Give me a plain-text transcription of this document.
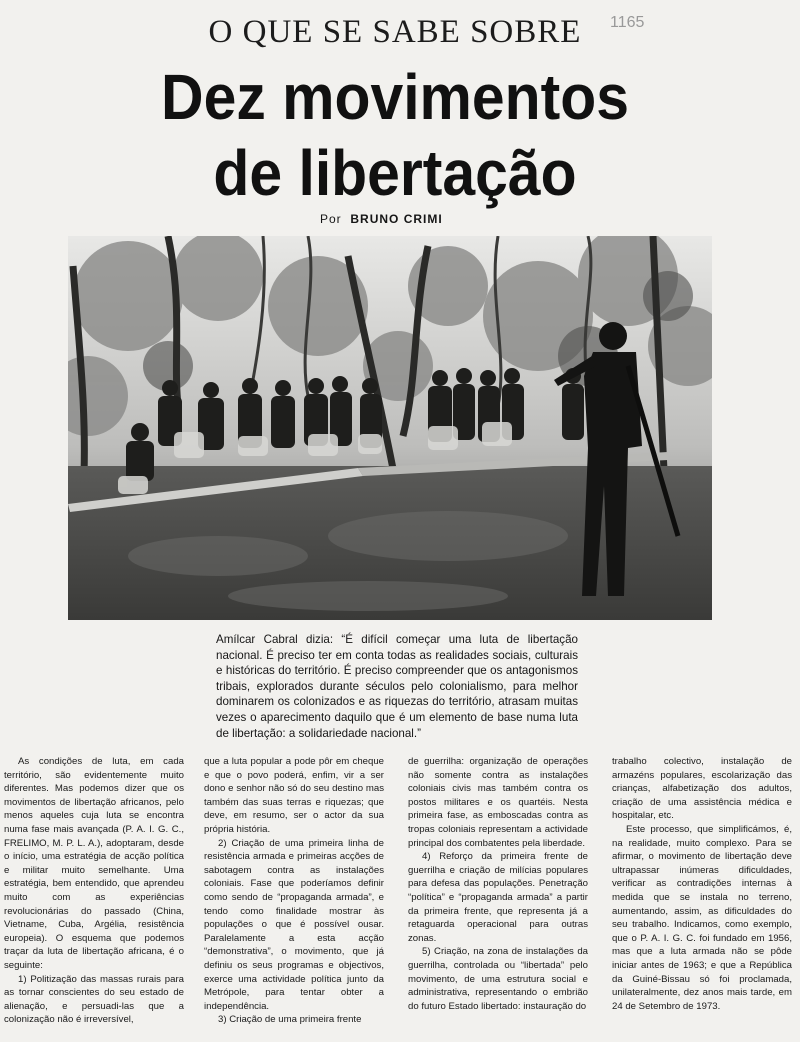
O QUE SE SABE SOBRE	1165
Dez movimentos
de libertação
Por BRUNO CRIMI

Amílcar Cabral dizia: “É difícil começar uma luta de libertação nacional. É preciso ter em conta todas as realidades sociais, culturais e históricas do território. É preciso compreender que os antagonismos tribais, explorados durante séculos pelo colonialismo, para melhor dominarem os colonizados e as riquezas do território, atrasam muitas vezes o aparecimento daquilo que é um elemento de base numa luta de libertação: a solidariedade nacional.”

As condições de luta, em cada território, são evidentemente muito diferentes. Mas podemos dizer que os movimentos de libertação africanos, pelo menos aqueles cuja luta se encontra numa fase mais avançada (P. A. I. G. C., FRELIMO, M. P. L. A.), adoptaram, desde o início, uma estratégia de acção política e militar muito semelhante. Uma estratégia, bem entendido, que aprendeu muito com as experiências revolucionárias do passado (China, Vietname, Cuba, Argélia, resistência europeia). O esquema que podemos traçar da luta de libertação africana, é o seguinte:

1) Politização das massas rurais para as tornar conscientes do seu estado de alienação, e persuadi-las que a colonização não é irreversível,

que a luta popular a pode pôr em cheque e que o povo poderá, enfim, vir a ser dono e senhor não só do seu destino mas também das suas terras e riquezas; que deve, em resumo, ser o actor da sua própria história.

2) Criação de uma primeira linha de resistência armada e primeiras acções de sabotagem contra as instalações coloniais. Fase que poderíamos definir como sendo de “propaganda armada”, e tendo como finalidade mostrar às populações o que é possível ousar. Paralelamente a esta acção “demonstrativa”, o movimento, que já definiu os seus programas e objectivos, exerce uma actividade política junto da Metrópole, para tentar obter a independência.

3) Criação de uma primeira frente

de guerrilha: organização de operações não somente contra as instalações coloniais civis mas também contra os postos militares e os quartéis. Nesta primeira fase, as emboscadas contra as tropas coloniais representam a actividade principal dos combatentes pela liberdade.

4) Reforço da primeira frente de guerrilha e criação de milícias populares para defesa das populações. Penetração “política” e “propaganda armada” a partir da primeira frente, que representa já a retaguarda operacional para outras zonas.

5) Criação, na zona de instalações da guerrilha, controlada ou “libertada” pelo movimento, de uma estrutura social e administrativa, representando o embrião do futuro Estado libertado: instauração do

trabalho colectivo, instalação de armazéns populares, escolarização das crianças, alfabetização dos adultos, criação de uma assistência médica e hospitalar, etc.

Este processo, que simplificámos, é, na realidade, muito complexo. Para se afirmar, o movimento de libertação deve ultrapassar inúmeras dificuldades, verificar as contradições internas à medida que se instala no terreno, aumentando, assim, as dificuldades do seu trabalho. Indicamos, como exemplo, que o P. A. I. G. C. foi fundado em 1956, mas que a luta armada não se pôde iniciar antes de 1963; e que a República da Guiné-Bissau só foi proclamada, unilateralmente, dez anos mais tarde, em 24 de Setembro de 1973.
